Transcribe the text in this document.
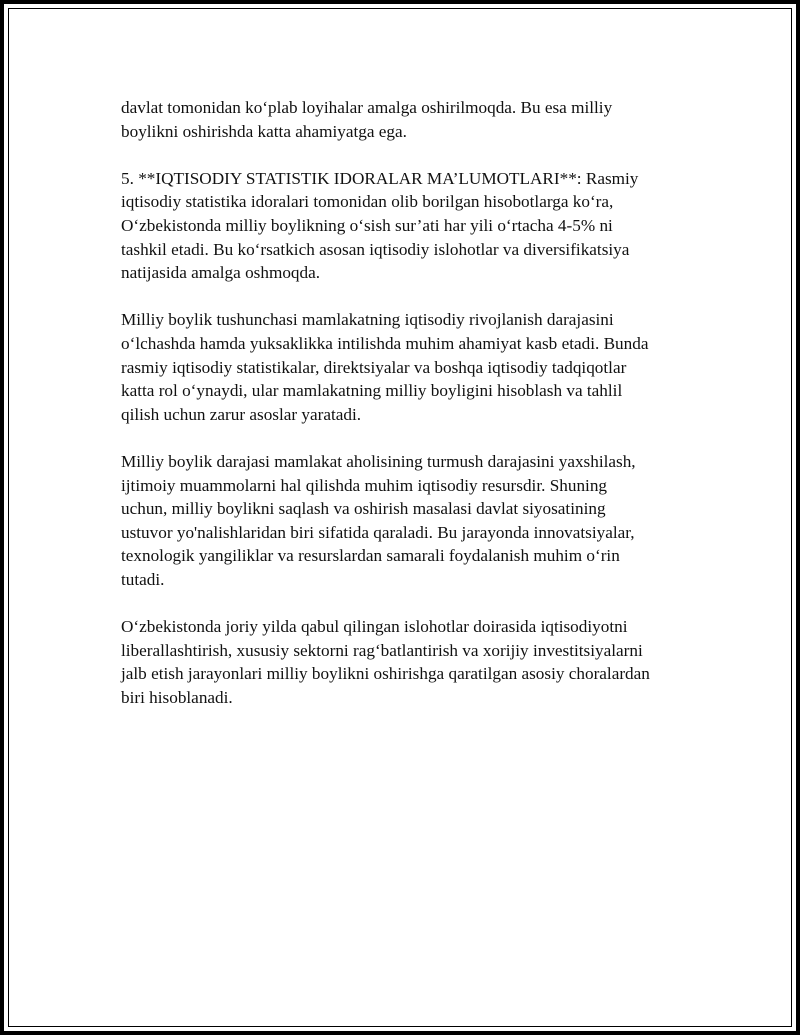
davlat tomonidan ko‘plab loyihalar amalga oshirilmoqda. Bu esa milliy
boylikni oshirishda katta ahamiyatga ega.

5. **IQTISODIY STATISTIK IDORALAR MA’LUMOTLARI**: Rasmiy
iqtisodiy statistika idoralari tomonidan olib borilgan hisobotlarga ko‘ra,
O‘zbekistonda milliy boylikning o‘sish sur’ati har yili o‘rtacha 4-5% ni
tashkil etadi. Bu ko‘rsatkich asosan iqtisodiy islohotlar va diversifikatsiya
natijasida amalga oshmoqda.

Milliy boylik tushunchasi mamlakatning iqtisodiy rivojlanish darajasini
o‘lchashda hamda yuksaklikka intilishda muhim ahamiyat kasb etadi. Bunda
rasmiy iqtisodiy statistikalar, direktsiyalar va boshqa iqtisodiy tadqiqotlar
katta rol o‘ynaydi, ular mamlakatning milliy boyligini hisoblash va tahlil
qilish uchun zarur asoslar yaratadi.

Milliy boylik darajasi mamlakat aholisining turmush darajasini yaxshilash,
ijtimoiy muammolarni hal qilishda muhim iqtisodiy resursdir. Shuning
uchun, milliy boylikni saqlash va oshirish masalasi davlat siyosatining
ustuvor yo'nalishlaridan biri sifatida qaraladi. Bu jarayonda innovatsiyalar,
texnologik yangiliklar va resurslardan samarali foydalanish muhim o‘rin
tutadi.

O‘zbekistonda joriy yilda qabul qilingan islohotlar doirasida iqtisodiyotni
liberallashtirish, xususiy sektorni rag‘batlantirish va xorijiy investitsiyalarni
jalb etish jarayonlari milliy boylikni oshirishga qaratilgan asosiy choralardan
biri hisoblanadi.
